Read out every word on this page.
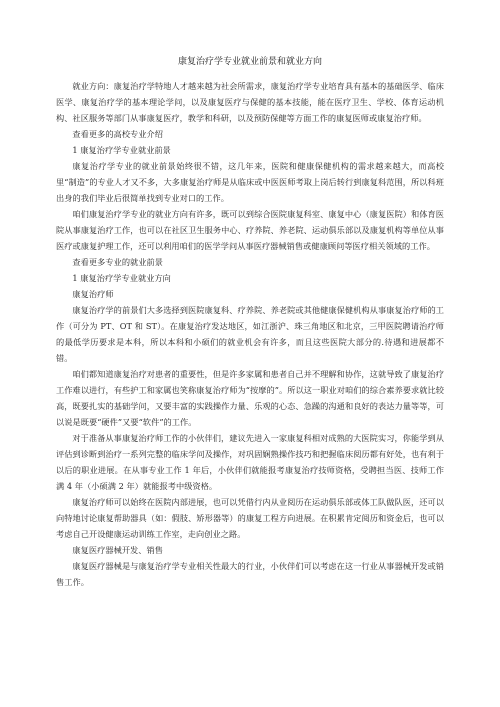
康复治疗学专业就业前景和就业方向

就业方向：康复治疗学特地人才越来越为社会所需求，康复治疗学专业培育具有基本的基础医学、临床医学、康复治疗学的基本理论学问，以及康复医疗与保健的基本技能，能在医疗卫生、学校、体育运动机构、社区服务等部门从事康复医疗，教学和科研，以及预防保健等方面工作的康复医师或康复治疗师。

查看更多的高校专业介绍

1 康复治疗学专业就业前景

康复治疗学专业的就业前景始终很不错，这几年来，医院和健康保健机构的需求越来越大，而高校里“制造”的专业人才又不多，大多康复治疗师是从临床或中医医师考取上岗后转行到康复科范围，所以科班出身的我们毕业后很简单找到专业对口的工作。

咱们康复治疗学专业的就业方向有许多，既可以到综合医院康复科室、康复中心（康复医院）和体育医院从事康复治疗工作，也可以在社区卫生服务中心、疗养院、养老院、运动俱乐部以及康复机构等单位从事医疗或康复护理工作，还可以利用咱们的医学学问从事医疗器械销售或健康顾问等医疗相关领域的工作。

查看更多专业的就业前景

1 康复治疗学专业就业方向

康复治疗师

康复治疗学的前景们大多选择到医院康复科、疗养院、养老院或其他健康保健机构从事康复治疗师的工作（可分为 PT、OT 和 ST）。在康复治疗发达地区，如江浙沪、珠三角地区和北京，三甲医院聘请治疗师的最低学历要求是本科，所以本科和小硕们的就业机会有许多，而且这些医院大部分的.待遇和进展都不错。

咱们都知道康复治疗对患者的重要性，但是许多家属和患者自己并不理解和协作，这就导致了康复治疗工作难以进行，有些护工和家属也笑称康复治疗师为“按摩的”。所以这一职业对咱们的综合素养要求就比较高，既要扎实的基础学问，又要丰富的实践操作力量、乐观的心态、急躁的沟通和良好的表达力量等等，可以说是既要“硬件”又要“软件”的工作。

对于准备从事康复治疗师工作的小伙伴们，建议先进入一家康复科相对成熟的大医院实习，你能学到从评估到诊断到治疗一系列完整的临床学问及操作，对巩固娴熟操作技巧和把握临床阅历都有好处，也有利于以后的职业进展。在从事专业工作 1 年后，小伙伴们就能报考康复治疗技师资格，受聘担当医、技师工作满 4 年（小硕满 2 年）就能报考中级资格。

康复治疗师可以始终在医院内部进展，也可以凭借行内从业阅历在运动俱乐部或体工队做队医，还可以向特地讨论康复帮助器具（如：假肢、矫形器等）的康复工程方向进展。在积累肯定阅历和资金后，也可以考虑自己开设健康运动训练工作室，走向创业之路。

康复医疗器械开发、销售

康复医疗器械是与康复治疗学专业相关性最大的行业，小伙伴们可以考虑在这一行业从事器械开发或销售工作。
